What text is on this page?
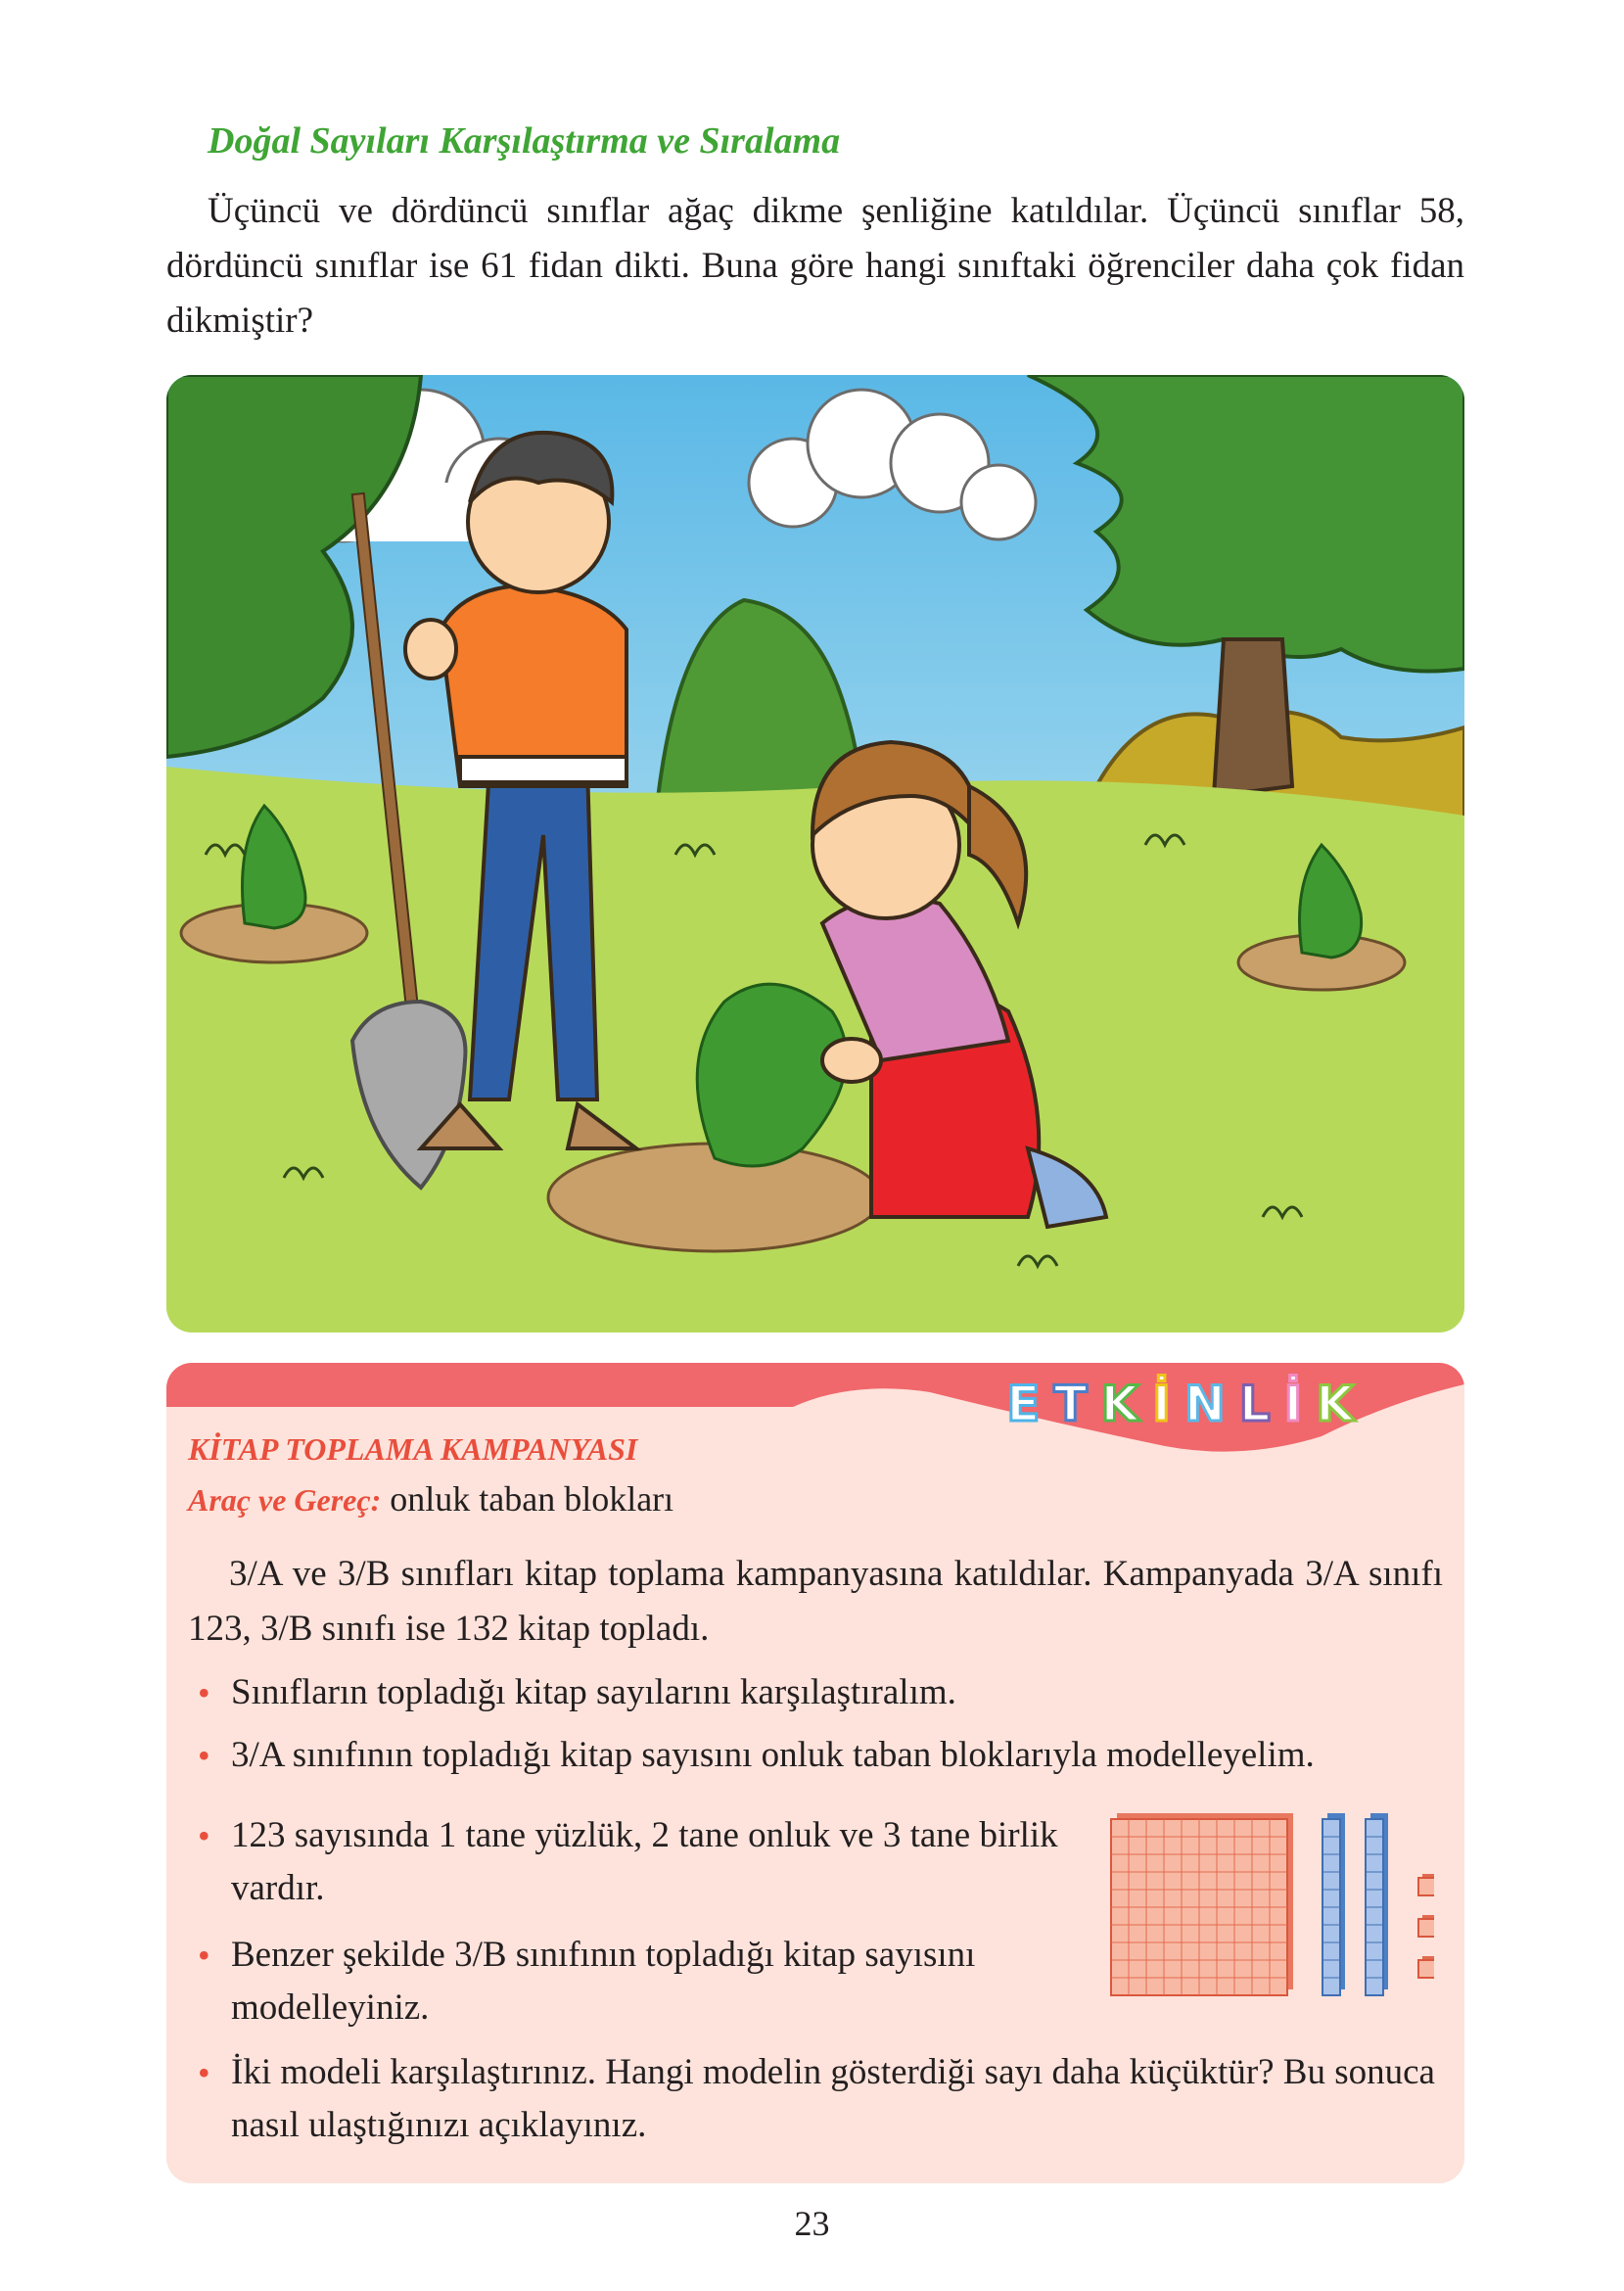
Doğal Sayıları Karşılaştırma ve Sıralama

Üçüncü ve dördüncü sınıflar ağaç dikme şenliğine katıldılar. Üçüncü sınıflar 58, dördüncü sınıflar ise 61 fidan dikti. Buna göre hangi sınıftaki öğrenciler daha çok fidan dikmiştir?

E T K İ N L İ K
KİTAP TOPLAMA KAMPANYASI

Araç ve Gereç: onluk taban blokları

3/A ve 3/B sınıfları kitap toplama kampanyasına katıldılar. Kampanyada 3/A sınıfı 123, 3/B sınıfı ise 132 kitap topladı.

• Sınıfların topladığı kitap sayılarını karşılaştıralım.

• 3/A sınıfının topladığı kitap sayısını onluk taban bloklarıyla modelleyelim.

• 123 sayısında 1 tane yüzlük, 2 tane onluk ve 3 tane birlik vardır.

• Benzer şekilde 3/B sınıfının topladığı kitap sayısını modelleyiniz.

• İki modeli karşılaştırınız. Hangi modelin gösterdiği sayı daha küçüktür? Bu sonuca nasıl ulaştığınızı açıklayınız.

23
